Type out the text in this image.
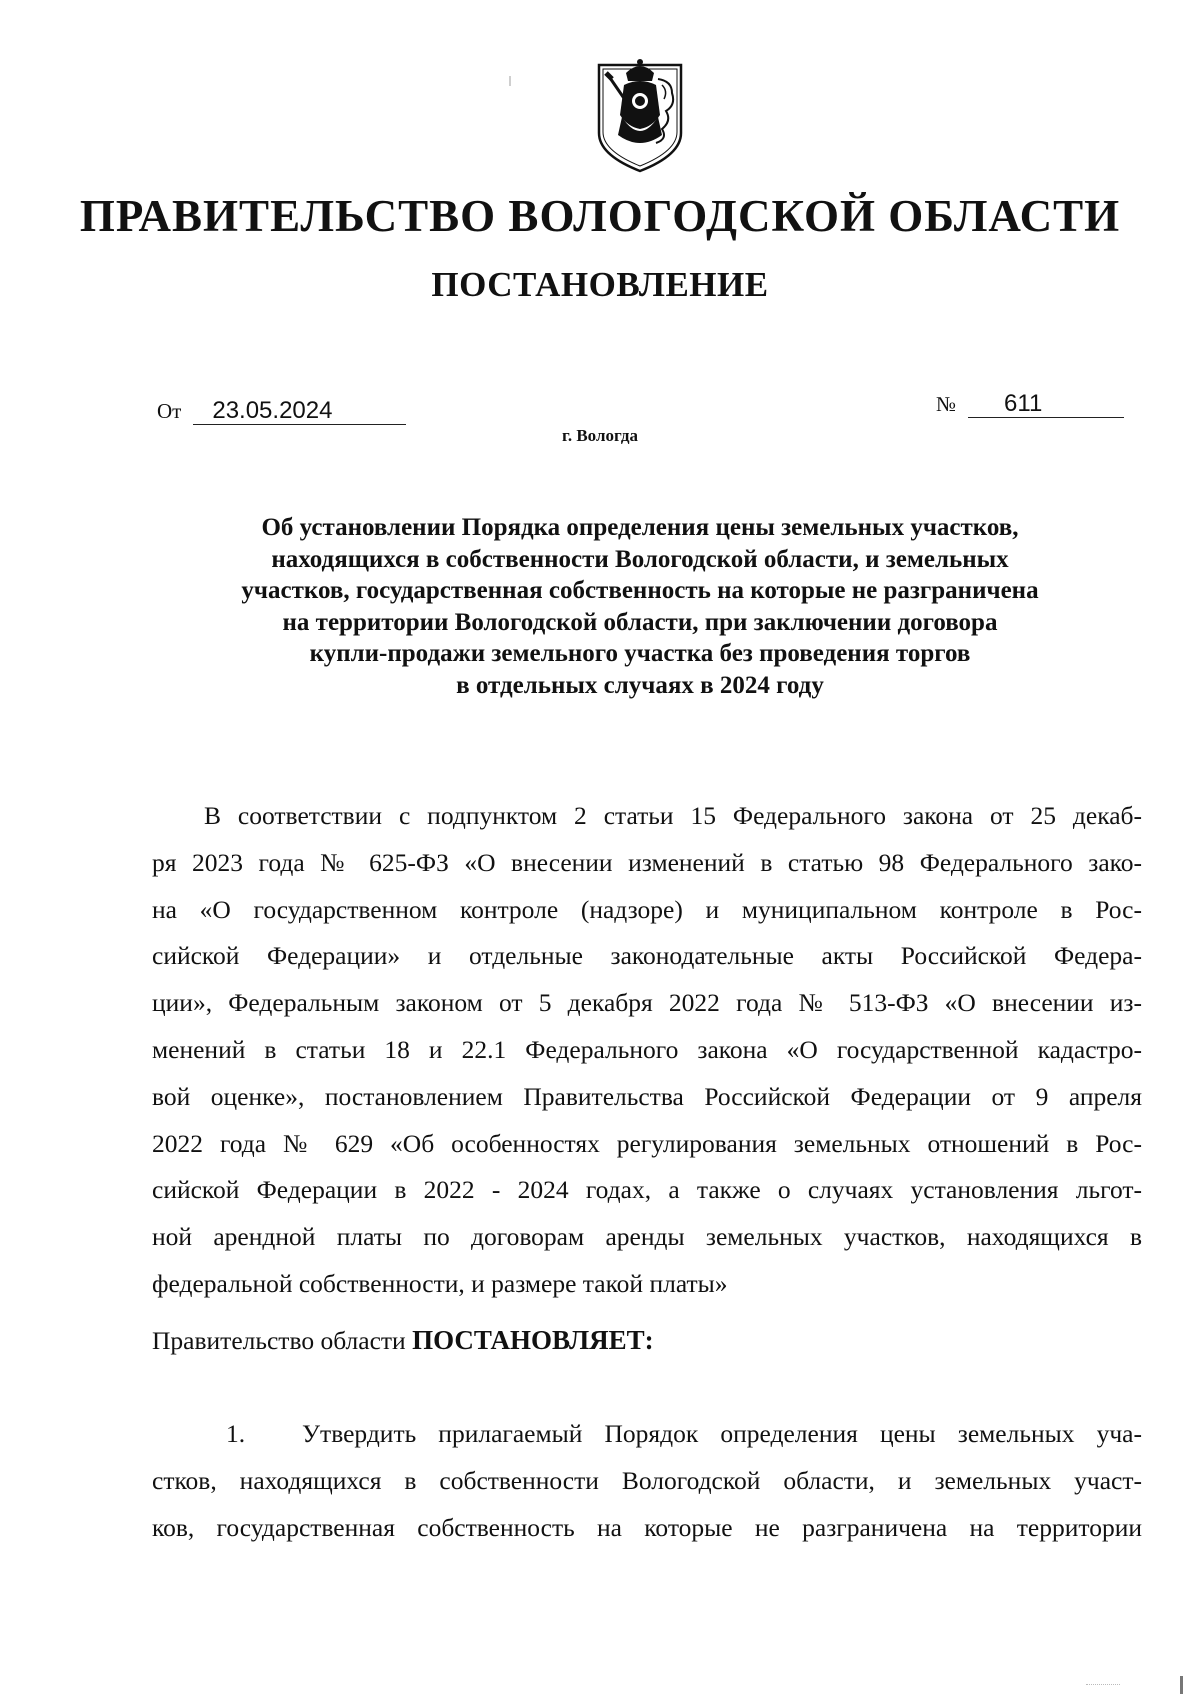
ПРАВИТЕЛЬСТВО ВОЛОГОДСКОЙ ОБЛАСТИ
ПОСТАНОВЛЕНИЕ
От 23.05.2024	№ 611
г. Вологда
Об установлении Порядка определения цены земельных участков,
находящихся в собственности Вологодской области, и земельных
участков, государственная собственность на которые не разграничена
на территории Вологодской области, при заключении договора
купли-продажи земельного участка без проведения торгов
в отдельных случаях в 2024 году
В соответствии с подпунктом 2 статьи 15 Федерального закона от 25 декаб-
ря 2023 года № 625-ФЗ «О внесении изменений в статью 98 Федерального зако-
на «О государственном контроле (надзоре) и муниципальном контроле в Рос-
сийской Федерации» и отдельные законодательные акты Российской Федера-
ции», Федеральным законом от 5 декабря 2022 года № 513-ФЗ «О внесении из-
менений в статьи 18 и 22.1 Федерального закона «О государственной кадастро-
вой оценке», постановлением Правительства Российской Федерации от 9 апреля
2022 года № 629 «Об особенностях регулирования земельных отношений в Рос-
сийской Федерации в 2022 - 2024 годах, а также о случаях установления льгот-
ной арендной платы по договорам аренды земельных участков, находящихся в
федеральной собственности, и размере такой платы»
Правительство области ПОСТАНОВЛЯЕТ:
1. Утвердить прилагаемый Порядок определения цены земельных уча-
стков, находящихся в собственности Вологодской области, и земельных участ-
ков, государственная собственность на которые не разграничена на территории
